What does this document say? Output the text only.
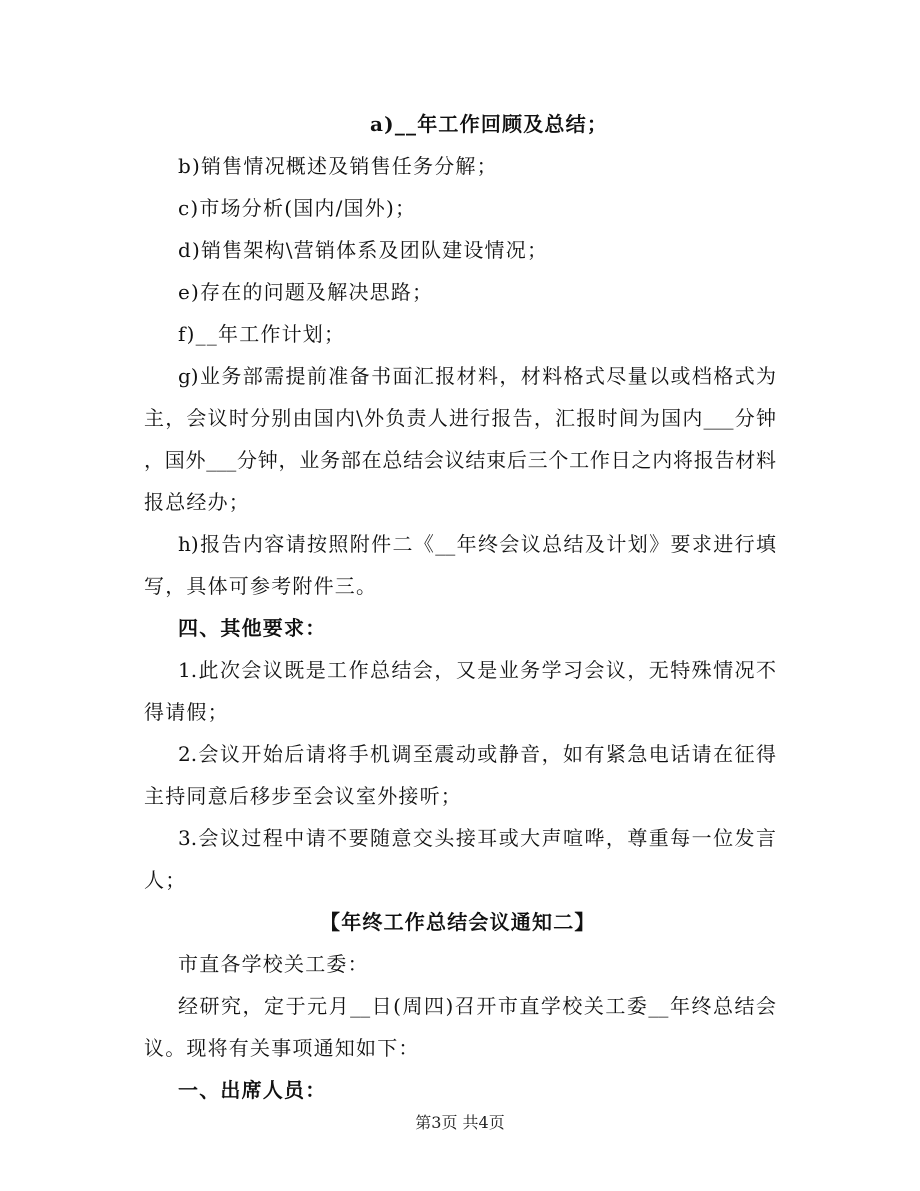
a)__年工作回顾及总结；
b)销售情况概述及销售任务分解；
c)市场分析(国内/国外)；
d)销售架构\营销体系及团队建设情况；
e)存在的问题及解决思路；
f)__年工作计划；
g)业务部需提前准备书面汇报材料，材料格式尽量以或档格式为
主，会议时分别由国内\外负责人进行报告，汇报时间为国内___分钟
，国外___分钟，业务部在总结会议结束后三个工作日之内将报告材料
报总经办；
h)报告内容请按照附件二《__年终会议总结及计划》要求进行填
写，具体可参考附件三。
四、其他要求：
1.此次会议既是工作总结会，又是业务学习会议，无特殊情况不
得请假；
2.会议开始后请将手机调至震动或静音，如有紧急电话请在征得
主持同意后移步至会议室外接听；
3.会议过程中请不要随意交头接耳或大声喧哗，尊重每一位发言
人；
【年终工作总结会议通知二】
市直各学校关工委：
经研究，定于元月__日(周四)召开市直学校关工委__年终总结会
议。现将有关事项通知如下：
一、出席人员：
第3页 共4页
